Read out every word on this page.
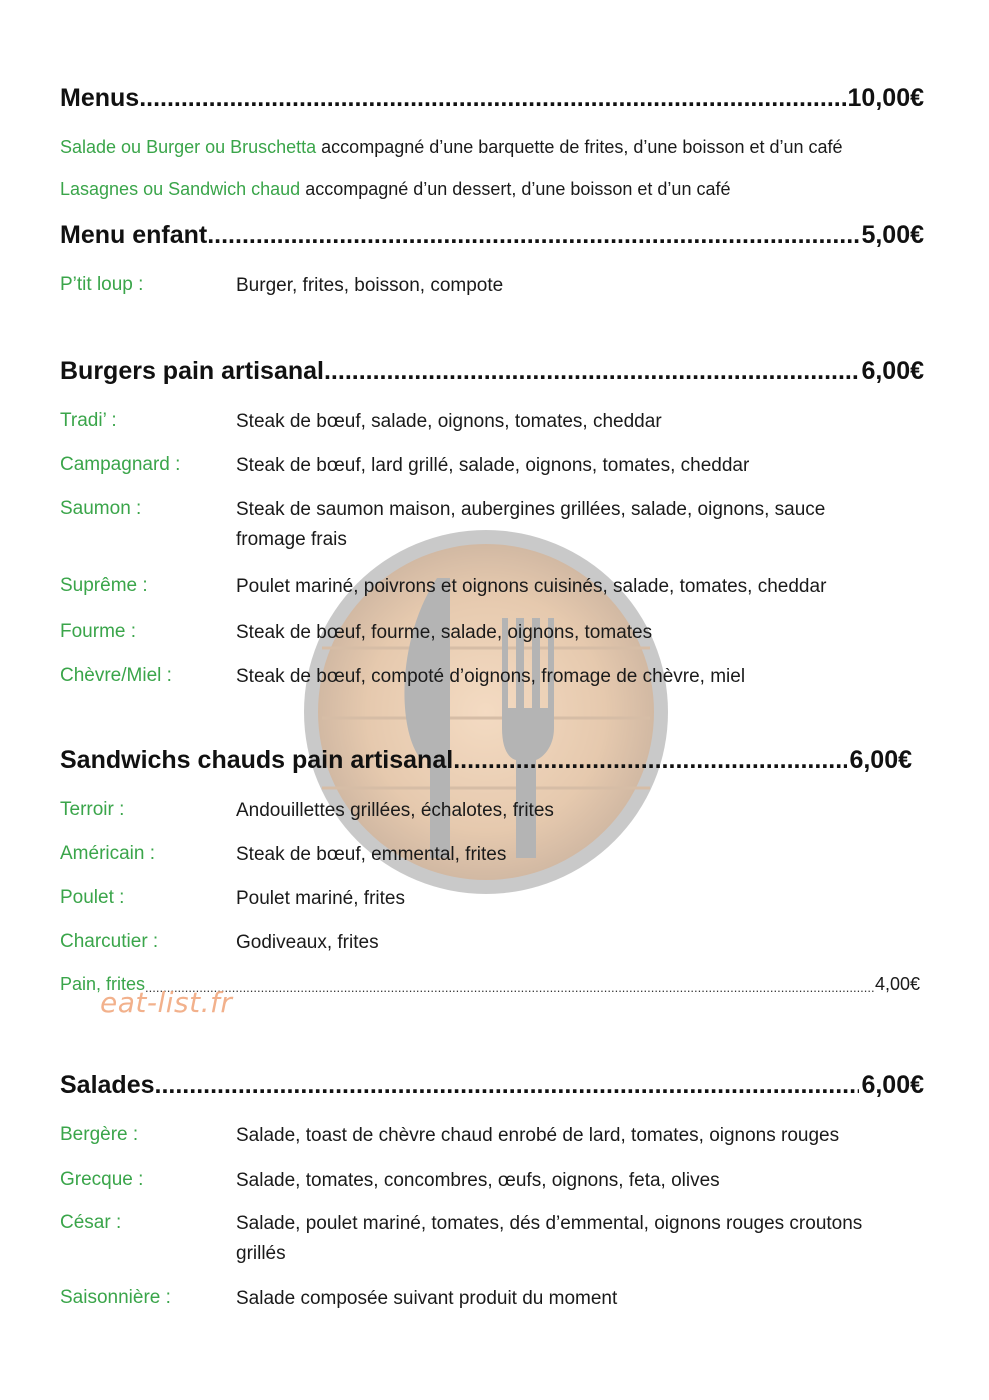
Menus .....	10,00€
Salade ou Burger ou Bruschetta accompagné d’une barquette de frites, d’une boisson et d’un café
Lasagnes ou Sandwich chaud accompagné d’un dessert, d’une boisson et d’un café
Menu enfant .....	5,00€
P’tit loup :	Burger, frites, boisson, compote
Burgers pain artisanal .....	6,00€
Tradi’ :	Steak de bœuf, salade, oignons, tomates, cheddar
Campagnard :	Steak de bœuf, lard grillé, salade, oignons, tomates, cheddar
Saumon :	Steak de saumon maison, aubergines grillées, salade, oignons, sauce fromage frais
Suprême :	Poulet mariné, poivrons et oignons cuisinés, salade, tomates, cheddar
Fourme :	Steak de bœuf, fourme, salade, oignons, tomates
Chèvre/Miel :	Steak de bœuf, compoté d’oignons, fromage de chèvre, miel
Sandwichs chauds pain artisanal .....	6,00€
Terroir :	Andouillettes grillées, échalotes, frites
Américain :	Steak de bœuf, emmental, frites
Poulet :	Poulet mariné, frites
Charcutier :	Godiveaux, frites
Pain, frites .....	4,00€
eat-list.fr
Salades .....	6,00€
Bergère :	Salade, toast de chèvre chaud enrobé de lard, tomates, oignons rouges
Grecque :	Salade, tomates, concombres, œufs, oignons, feta, olives
César :	Salade, poulet mariné, tomates, dés d’emmental, oignons rouges croutons grillés
Saisonnière :	Salade composée suivant produit du moment
